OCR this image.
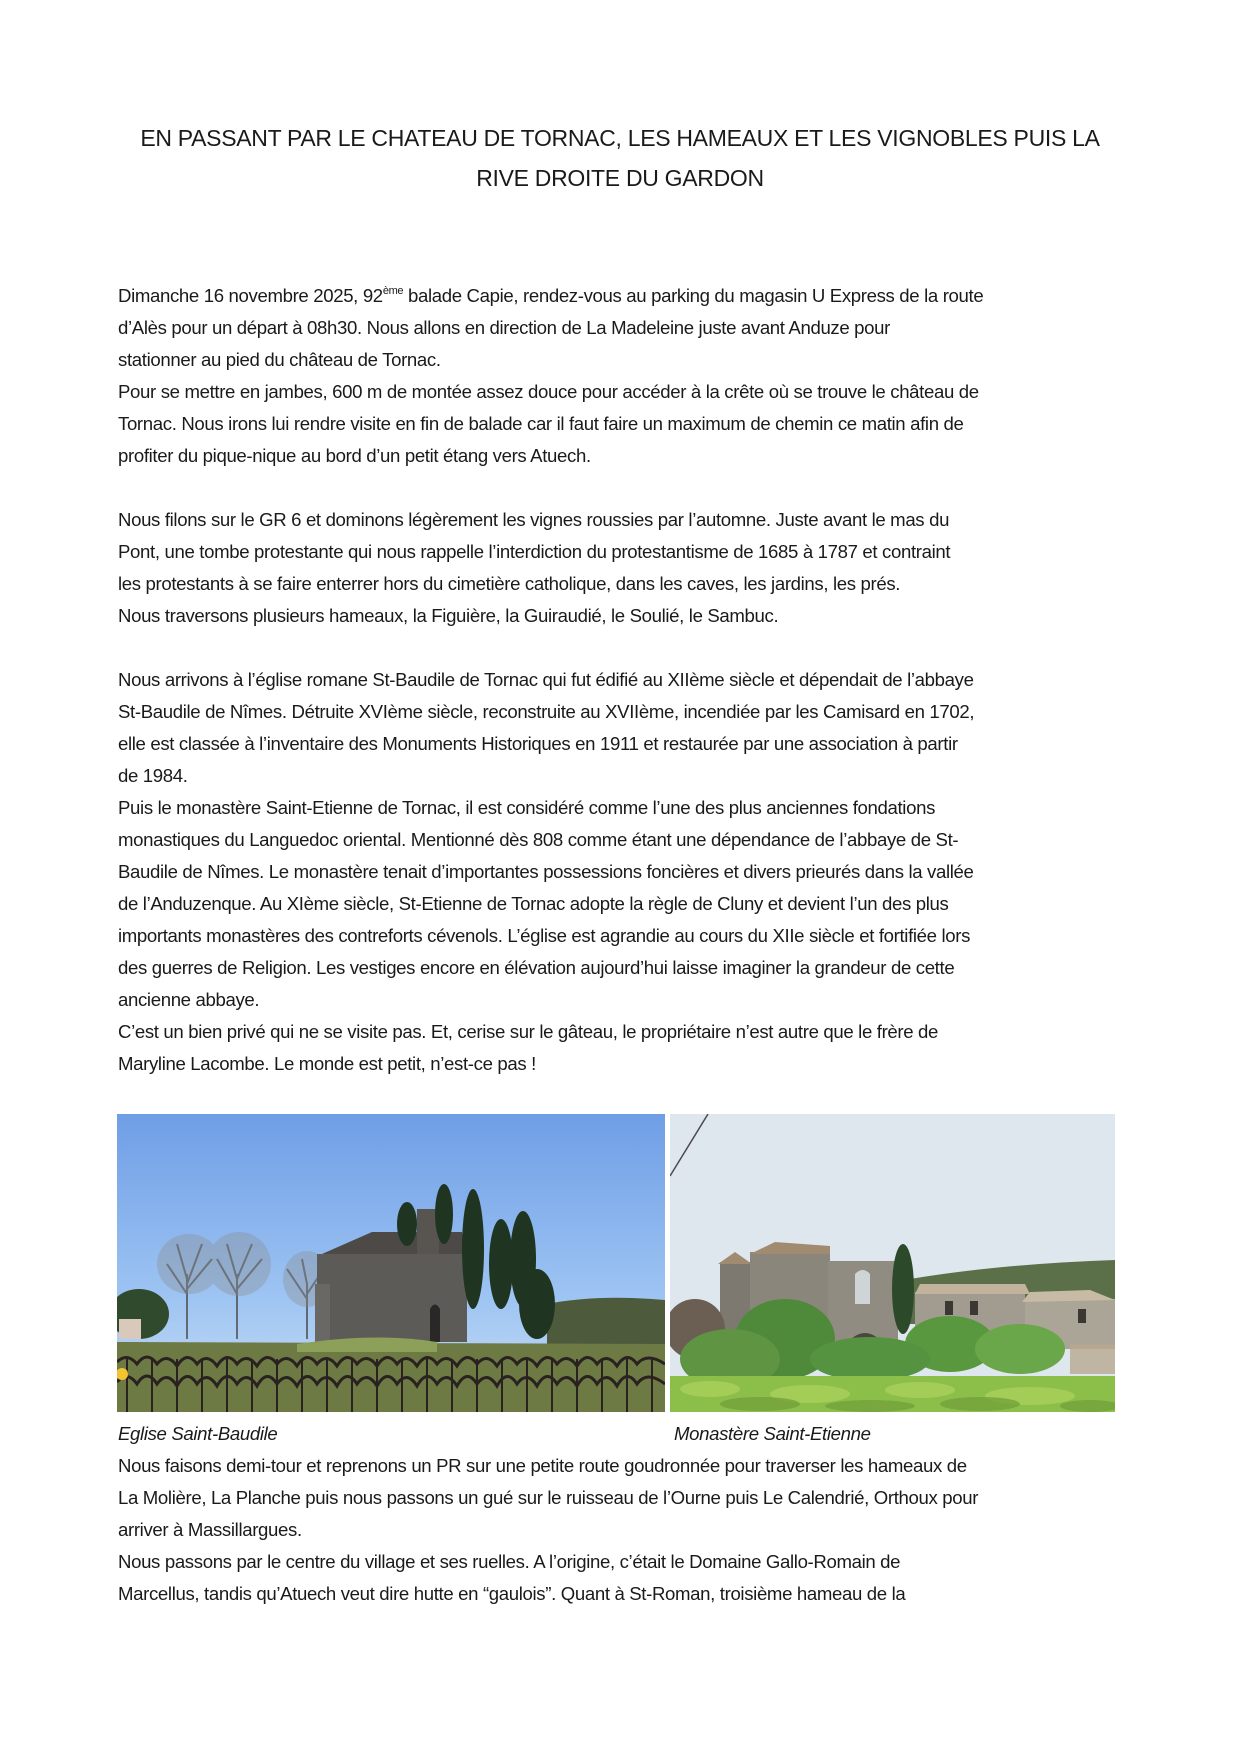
EN PASSANT PAR LE CHATEAU DE TORNAC, LES HAMEAUX ET LES VIGNOBLES PUIS LA
RIVE DROITE DU GARDON

Dimanche 16 novembre 2025, 92ème balade Capie, rendez-vous au parking du magasin U Express de la route

d’Alès pour un départ à 08h30. Nous allons en direction de La Madeleine juste avant Anduze pour

stationner au pied du château de Tornac.

Pour se mettre en jambes, 600 m de montée assez douce pour accéder à la crête où se trouve le château de

Tornac. Nous irons lui rendre visite en fin de balade car il faut faire un maximum de chemin ce matin afin de

profiter du pique-nique au bord d’un petit étang vers Atuech.

Nous filons sur le GR 6 et dominons légèrement les vignes roussies par l’automne. Juste avant le mas du

Pont, une tombe protestante qui nous rappelle l’interdiction du protestantisme de 1685 à 1787 et contraint

les protestants à se faire enterrer hors du cimetière catholique, dans les caves, les jardins, les prés.

Nous traversons plusieurs hameaux, la Figuière, la Guiraudié, le Soulié, le Sambuc.

Nous arrivons à l’église romane St-Baudile de Tornac qui fut édifié au XIIème siècle et dépendait de l’abbaye

St-Baudile de Nîmes. Détruite XVIème siècle, reconstruite au XVIIème, incendiée par les Camisard en 1702,

elle est classée à l’inventaire des Monuments Historiques en 1911 et restaurée par une association à partir

de 1984.

Puis le monastère Saint-Etienne de Tornac, il est considéré comme l’une des plus anciennes fondations

monastiques du Languedoc oriental. Mentionné dès 808 comme étant une dépendance de l’abbaye de St-

Baudile de Nîmes. Le monastère tenait d’importantes possessions foncières et divers prieurés dans la vallée

de l’Anduzenque. Au XIème siècle, St-Etienne de Tornac adopte la règle de Cluny et devient l’un des plus

importants monastères des contreforts cévenols. L’église est agrandie au cours du XIIe siècle et fortifiée lors

des guerres de Religion. Les vestiges encore en élévation aujourd’hui laisse imaginer la grandeur de cette

ancienne abbaye.

C’est un bien privé qui ne se visite pas. Et, cerise sur le gâteau, le propriétaire n’est autre que le frère de

Maryline Lacombe. Le monde est petit, n’est-ce pas !

Eglise Saint-Baudile	Monastère Saint-Etienne

Nous faisons demi-tour et reprenons un PR sur une petite route goudronnée pour traverser les hameaux de

La Molière, La Planche puis nous passons un gué sur le ruisseau de l’Ourne puis Le Calendrié, Orthoux pour

arriver à Massillargues.

Nous passons par le centre du village et ses ruelles. A l’origine, c’était le Domaine Gallo-Romain de

Marcellus, tandis qu’Atuech veut dire hutte en “gaulois”. Quant à St-Roman, troisième hameau de la
